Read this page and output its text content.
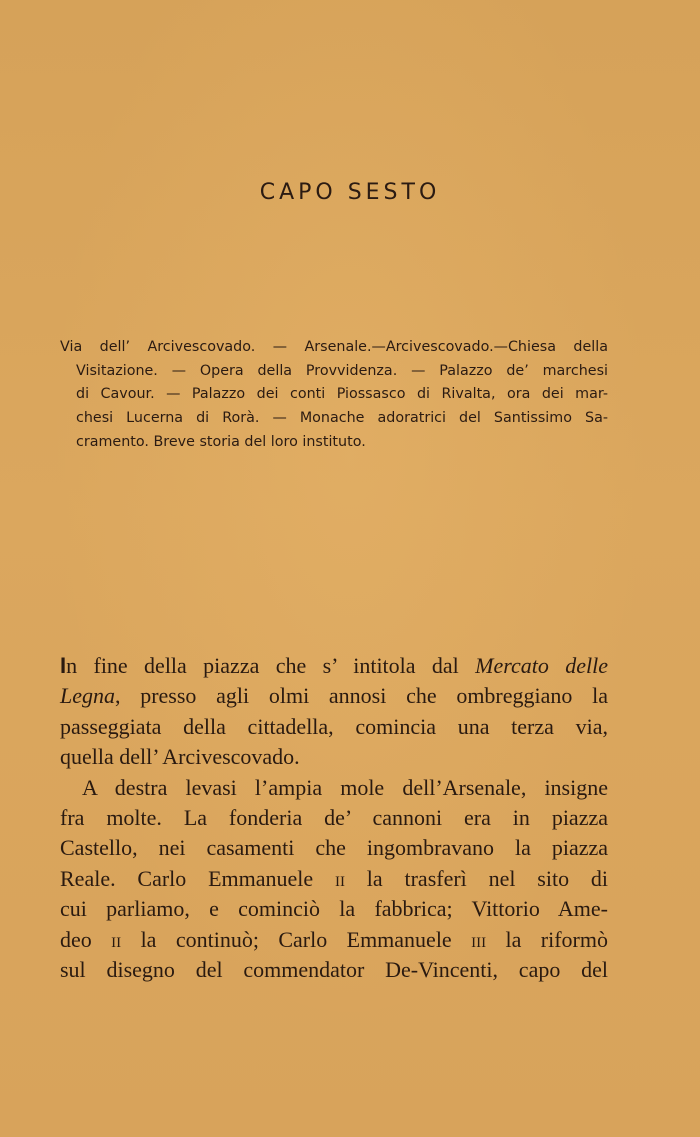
CAPO SESTO
Via dell’ Arcivescovado. — Arsenale.—Arcivescovado.—Chiesa della
Visitazione. — Opera della Provvidenza. — Palazzo de’ marchesi
di Cavour. — Palazzo dei conti Piossasco di Rivalta, ora dei mar-
chesi Lucerna di Rorà. — Monache adoratrici del Santissimo Sa-
cramento. Breve storia del loro instituto.
In fine della piazza che s’ intitola dal Mercato delle
Legna, presso agli olmi annosi che ombreggiano la
passeggiata della cittadella, comincia una terza via,
quella dell’ Arcivescovado.
A destra levasi l’ampia mole dell’Arsenale, insigne
fra molte. La fonderia de’ cannoni era in piazza
Castello, nei casamenti che ingombravano la piazza
Reale. Carlo Emmanuele ii la trasferì nel sito di
cui parliamo, e cominciò la fabbrica; Vittorio Ame-
deo ii la continuò; Carlo Emmanuele iii la riformò
sul disegno del commendator De-Vincenti, capo del
